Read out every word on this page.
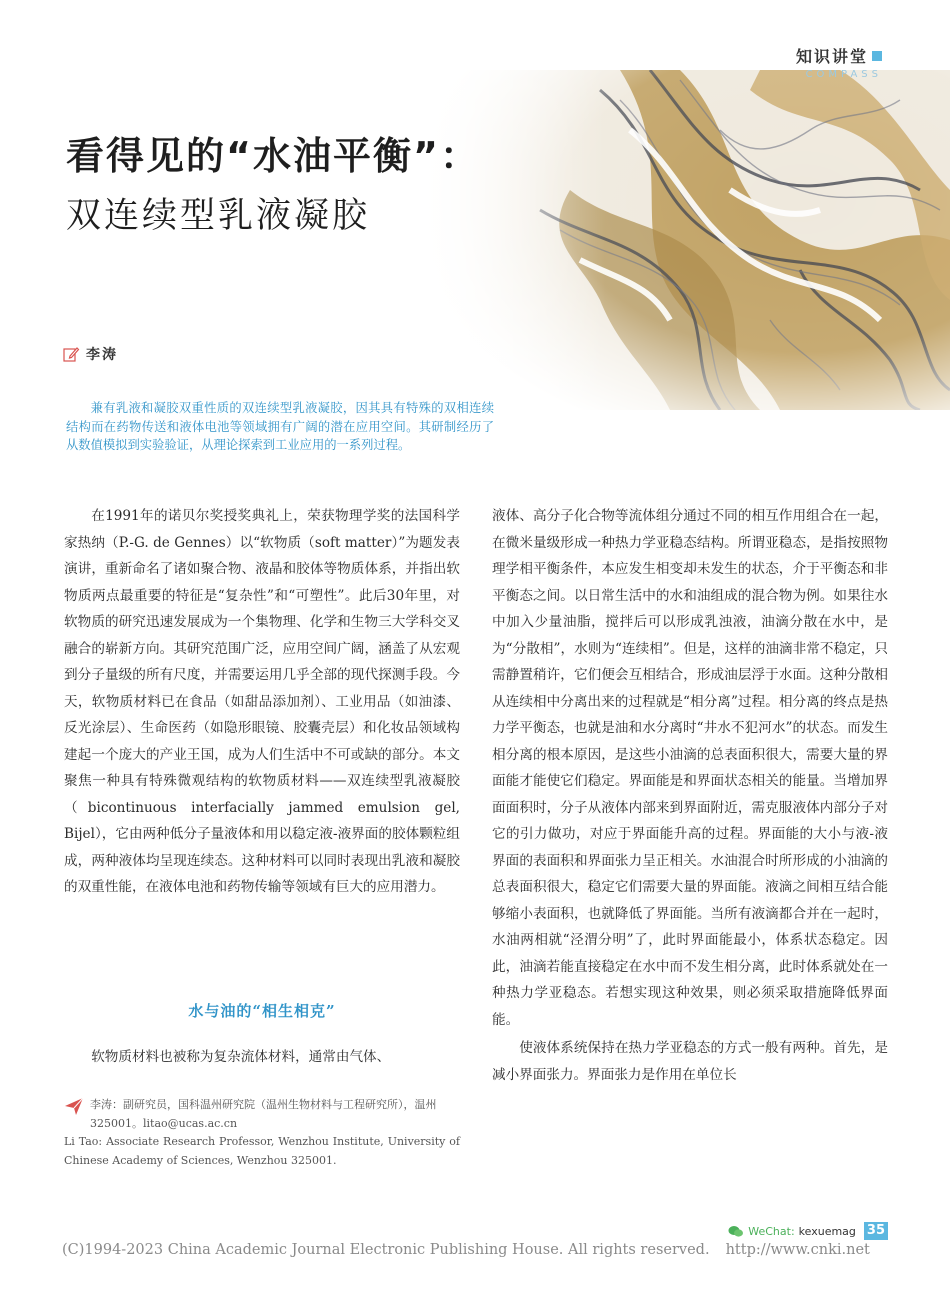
知识讲堂
COMPASS
看得见的“水油平衡”：
双连续型乳液凝胶
李涛

兼有乳液和凝胶双重性质的双连续型乳液凝胶，因其具有特殊的双相连续结构而在药物传送和液体电池等领域拥有广阔的潜在应用空间。其研制经历了从数值模拟到实验验证，从理论探索到工业应用的一系列过程。

在1991年的诺贝尔奖授奖典礼上，荣获物理学奖的法国科学家热纳（P.-G. de Gennes）以“软物质（soft matter）”为题发表演讲，重新命名了诸如聚合物、液晶和胶体等物质体系，并指出软物质两点最重要的特征是“复杂性”和“可塑性”。此后30年里，对软物质的研究迅速发展成为一个集物理、化学和生物三大学科交叉融合的崭新方向。其研究范围广泛，应用空间广阔，涵盖了从宏观到分子量级的所有尺度，并需要运用几乎全部的现代探测手段。今天，软物质材料已在食品（如甜品添加剂）、工业用品（如油漆、反光涂层）、生命医药（如隐形眼镜、胶囊壳层）和化妆品领域构建起一个庞大的产业王国，成为人们生活中不可或缺的部分。本文聚焦一种具有特殊微观结构的软物质材料——双连续型乳液凝胶（bicontinuous interfacially jammed emulsion gel, Bijel），它由两种低分子量液体和用以稳定液-液界面的胶体颗粒组成，两种液体均呈现连续态。这种材料可以同时表现出乳液和凝胶的双重性能，在液体电池和药物传输等领域有巨大的应用潜力。

水与油的“相生相克”

软物质材料也被称为复杂流体材料，通常由气体、

李涛：副研究员，国科温州研究院（温州生物材料与工程研究所），温州 325001。litao@ucas.ac.cn

Li Tao: Associate Research Professor, Wenzhou Institute, University of Chinese Academy of Sciences, Wenzhou 325001.

液体、高分子化合物等流体组分通过不同的相互作用组合在一起，在微米量级形成一种热力学亚稳态结构。所谓亚稳态，是指按照物理学相平衡条件，本应发生相变却未发生的状态，介于平衡态和非平衡态之间。以日常生活中的水和油组成的混合物为例。如果往水中加入少量油脂，搅拌后可以形成乳浊液，油滴分散在水中，是为“分散相”，水则为“连续相”。但是，这样的油滴非常不稳定，只需静置稍许，它们便会互相结合，形成油层浮于水面。这种分散相从连续相中分离出来的过程就是“相分离”过程。相分离的终点是热力学平衡态，也就是油和水分离时“井水不犯河水”的状态。而发生相分离的根本原因，是这些小油滴的总表面积很大，需要大量的界面能才能使它们稳定。界面能是和界面状态相关的能量。当增加界面面积时，分子从液体内部来到界面附近，需克服液体内部分子对它的引力做功，对应于界面能升高的过程。界面能的大小与液-液界面的表面积和界面张力呈正相关。水油混合时所形成的小油滴的总表面积很大，稳定它们需要大量的界面能。液滴之间相互结合能够缩小表面积，也就降低了界面能。当所有液滴都合并在一起时，水油两相就“泾渭分明”了，此时界面能最小，体系状态稳定。因此，油滴若能直接稳定在水中而不发生相分离，此时体系就处在一种热力学亚稳态。若想实现这种效果，则必须采取措施降低界面能。

使液体系统保持在热力学亚稳态的方式一般有两种。首先，是减小界面张力。界面张力是作用在单位长

WeChat: kexuemag 35
(C)1994-2023 China Academic Journal Electronic Publishing House. All rights reserved. http://www.cnki.net
